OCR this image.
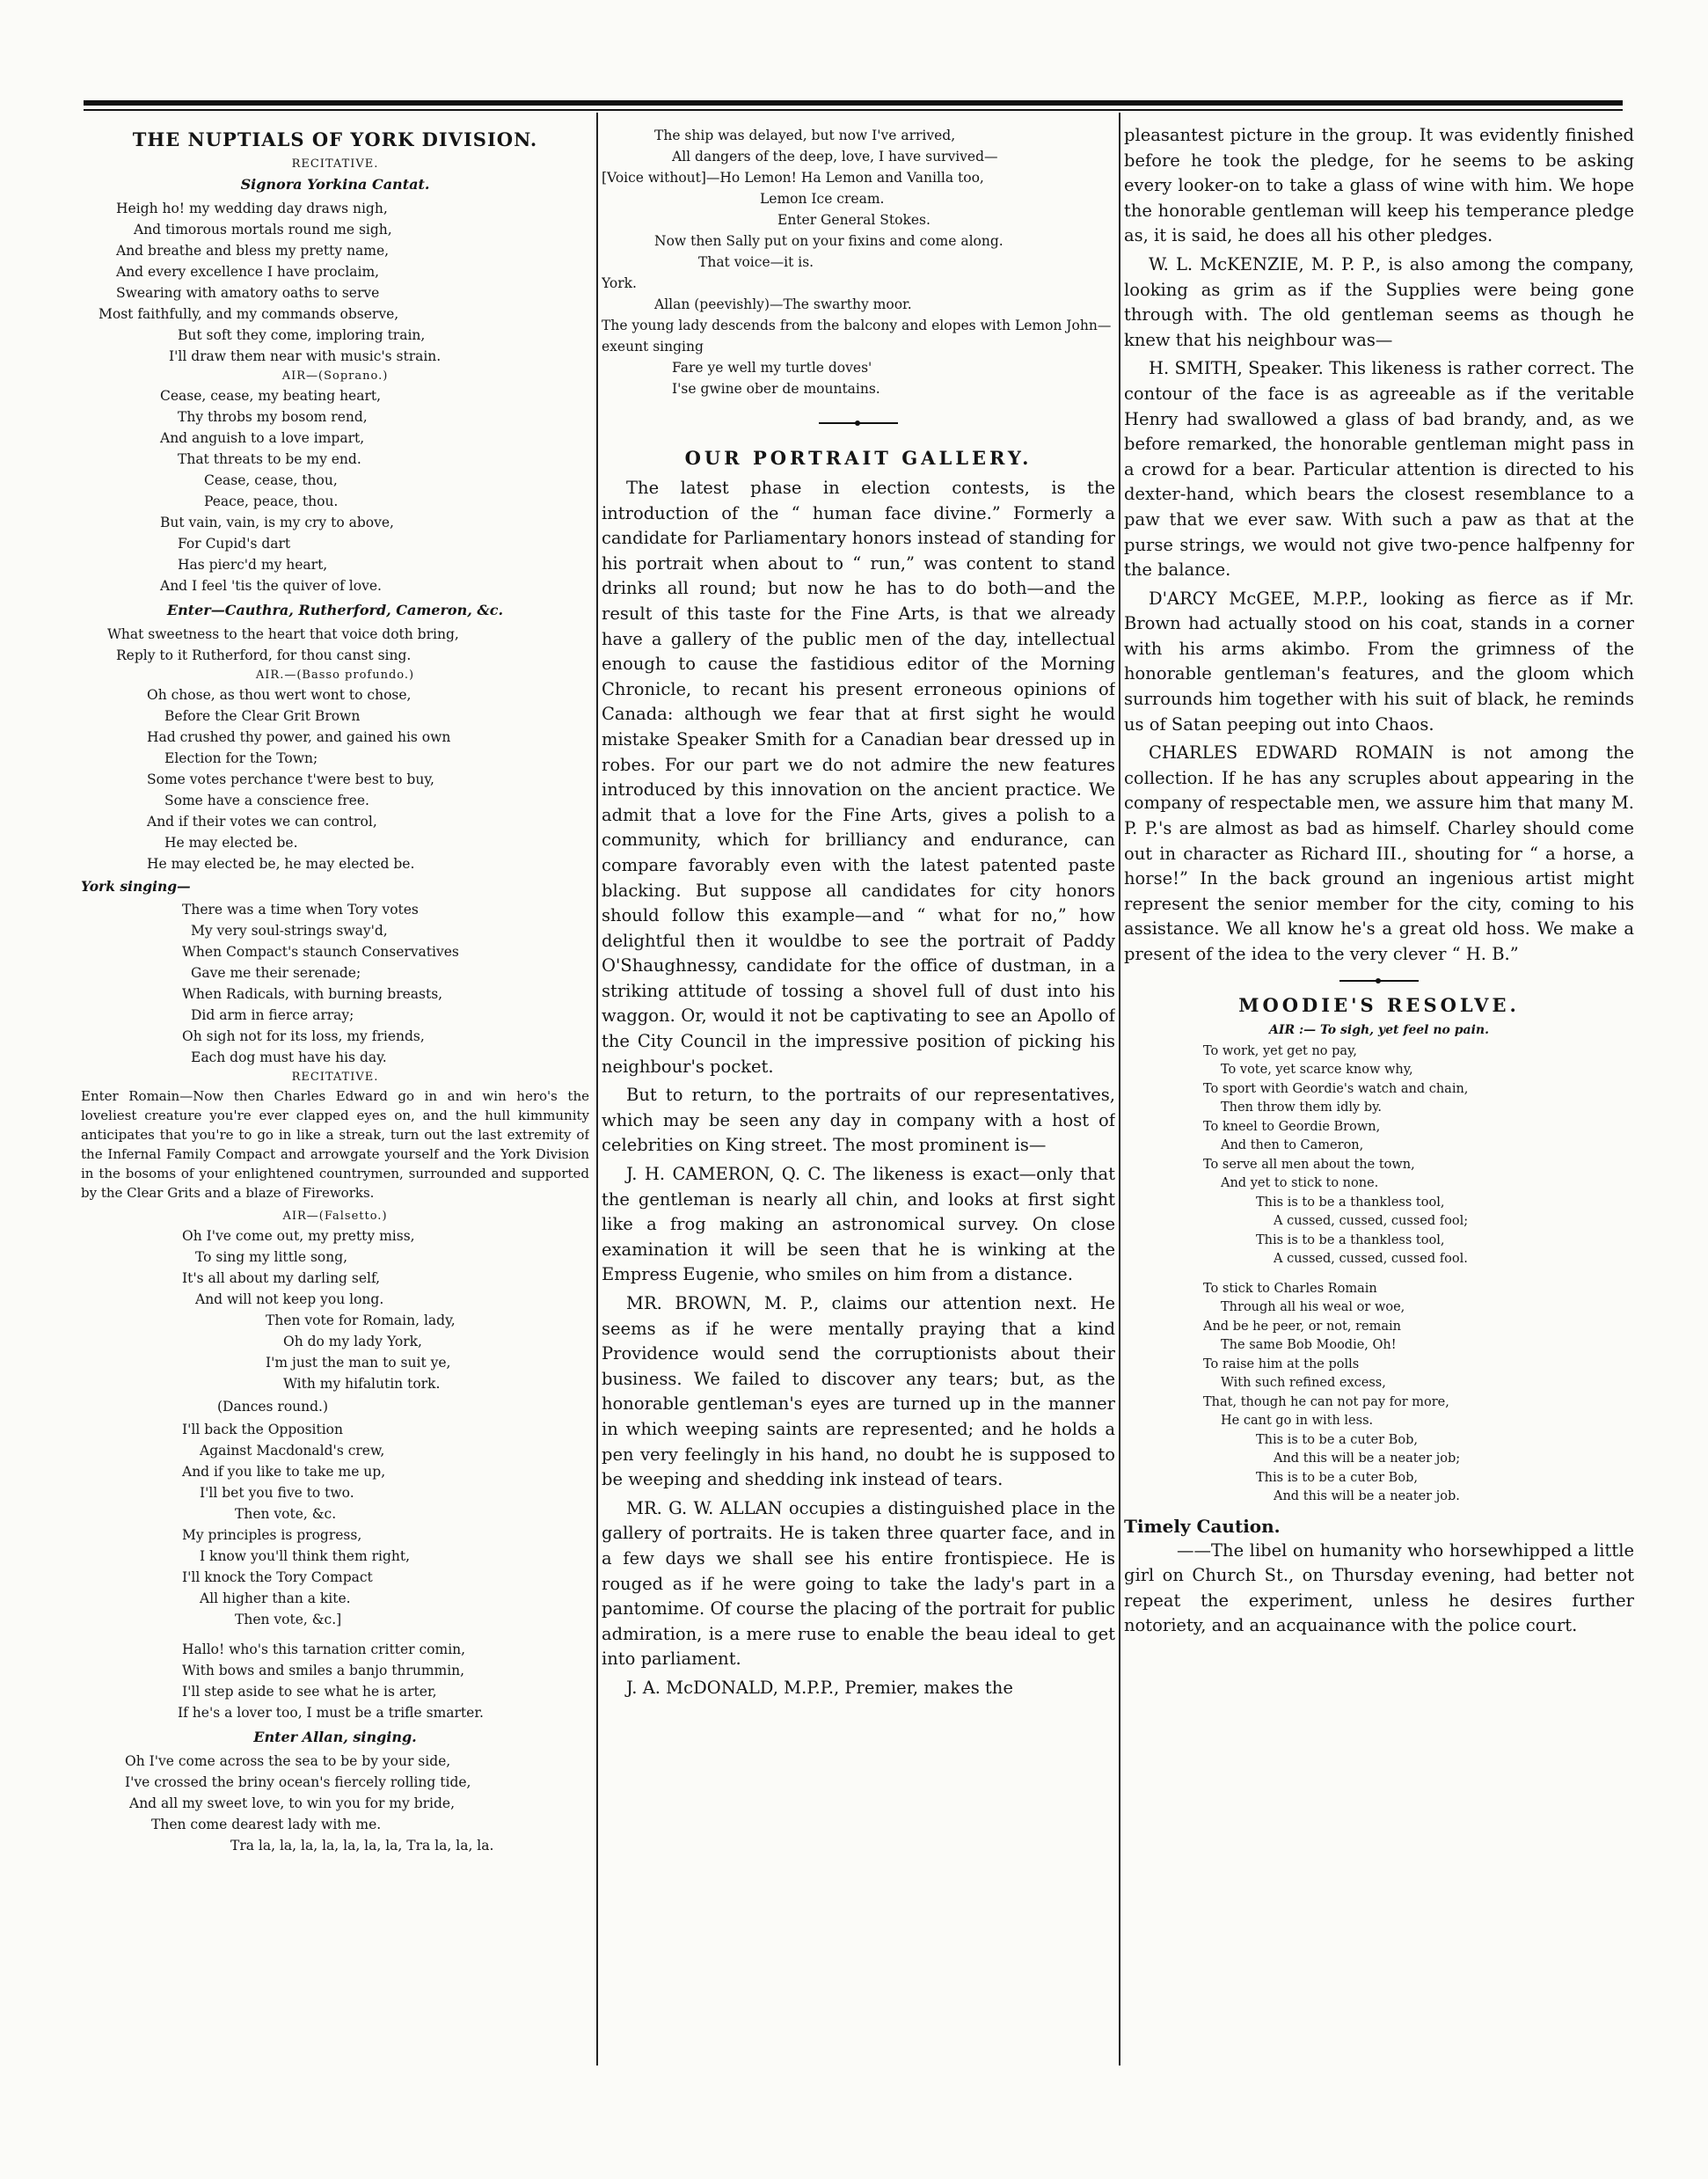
THE NUPTIALS OF YORK DIVISION.
RECITATIVE.
Signora Yorkina Cantat.
Heigh ho! my wedding day draws nigh,
And timorous mortals round me sigh,
And breathe and bless my pretty name,
And every excellence I have proclaim,
Swearing with amatory oaths to serve
Most faithfully, and my commands observe,
But soft they come, imploring train,
I'll draw them near with music's strain.
AIR—(Soprano.)
Cease, cease, my beating heart,
Thy throbs my bosom rend,
And anguish to a love impart,
That threats to be my end.
Cease, cease, thou,
Peace, peace, thou.
But vain, vain, is my cry to above,
For Cupid's dart
Has pierc'd my heart,
And I feel 'tis the quiver of love.
Enter—Cauthra, Rutherford, Cameron, &c.
What sweetness to the heart that voice doth bring,
Reply to it Rutherford, for thou canst sing.
AIR.—(Basso profundo.)
Oh chose, as thou wert wont to chose,
Before the Clear Grit Brown
Had crushed thy power, and gained his own
Election for the Town;
Some votes perchance t'were best to buy,
Some have a conscience free.
And if their votes we can control,
He may elected be.
He may elected be, he may elected be.
York singing—
There was a time when Tory votes
My very soul-strings sway'd,
When Compact's staunch Conservatives
Gave me their serenade;
When Radicals, with burning breasts,
Did arm in fierce array;
Oh sigh not for its loss, my friends,
Each dog must have his day.
RECITATIVE.

Enter Romain—Now then Charles Edward go in and win hero's the loveliest creature you're ever clapped eyes on, and the hull kimmunity anticipates that you're to go in like a streak, turn out the last extremity of the Infernal Family Compact and arrowgate yourself and the York Division in the bosoms of your enlightened countrymen, surrounded and supported by the Clear Grits and a blaze of Fireworks.

AIR—(Falsetto.)
Oh I've come out, my pretty miss,
To sing my little song,
It's all about my darling self,
And will not keep you long.
Then vote for Romain, lady,
Oh do my lady York,
I'm just the man to suit ye,
With my hifalutin tork.
(Dances round.)
I'll back the Opposition
Against Macdonald's crew,
And if you like to take me up,
I'll bet you five to two.
Then vote, &c.
My principles is progress,
I know you'll think them right,
I'll knock the Tory Compact
All higher than a kite.
Then vote, &c.]
Hallo! who's this tarnation critter comin,
With bows and smiles a banjo thrummin,
I'll step aside to see what he is arter,
If he's a lover too, I must be a trifle smarter.
Enter Allan, singing.
Oh I've come across the sea to be by your side,
I've crossed the briny ocean's fiercely rolling tide,
And all my sweet love, to win you for my bride,
Then come dearest lady with me.
Tra la, la, la, la, la, la, la, Tra la, la, la.
The ship was delayed, but now I've arrived,
All dangers of the deep, love, I have survived—
[Voice without]—Ho Lemon! Ha Lemon and Vanilla too,
Lemon Ice cream.
Enter General Stokes.
Now then Sally put on your fixins and come along.
That voice—it is.
York.
Allan (peevishly)—The swarthy moor.
The young lady descends from the balcony and elopes with Lemon John—exeunt singing
Fare ye well my turtle doves'
I'se gwine ober de mountains.
OUR PORTRAIT GALLERY.

The latest phase in election contests, is the introduction of the “ human face divine.” Formerly a candidate for Parliamentary honors instead of standing for his portrait when about to “ run,” was content to stand drinks all round; but now he has to do both—and the result of this taste for the Fine Arts, is that we already have a gallery of the public men of the day, intellectual enough to cause the fastidious editor of the Morning Chronicle, to recant his present erroneous opinions of Canada: although we fear that at first sight he would mistake Speaker Smith for a Canadian bear dressed up in robes. For our part we do not admire the new features introduced by this innovation on the ancient practice. We admit that a love for the Fine Arts, gives a polish to a community, which for brilliancy and endurance, can compare favorably even with the latest patented paste blacking. But suppose all candidates for city honors should follow this example—and “ what for no,” how delightful then it wouldbe to see the portrait of Paddy O'Shaughnessy, candidate for the office of dustman, in a striking attitude of tossing a shovel full of dust into his waggon. Or, would it not be captivating to see an Apollo of the City Council in the impressive position of picking his neighbour's pocket.

But to return, to the portraits of our representatives, which may be seen any day in company with a host of celebrities on King street. The most prominent is—

J. H. CAMERON, Q. C. The likeness is exact—only that the gentleman is nearly all chin, and looks at first sight like a frog making an astronomical survey. On close examination it will be seen that he is winking at the Empress Eugenie, who smiles on him from a distance.

MR. BROWN, M. P., claims our attention next. He seems as if he were mentally praying that a kind Providence would send the corruptionists about their business. We failed to discover any tears; but, as the honorable gentleman's eyes are turned up in the manner in which weeping saints are represented; and he holds a pen very feelingly in his hand, no doubt he is supposed to be weeping and shedding ink instead of tears.

MR. G. W. ALLAN occupies a distinguished place in the gallery of portraits. He is taken three quarter face, and in a few days we shall see his entire frontispiece. He is rouged as if he were going to take the lady's part in a pantomime. Of course the placing of the portrait for public admiration, is a mere ruse to enable the beau ideal to get into parliament.

J. A. McDONALD, M.P.P., Premier, makes the

pleasantest picture in the group. It was evidently finished before he took the pledge, for he seems to be asking every looker-on to take a glass of wine with him. We hope the honorable gentleman will keep his temperance pledge as, it is said, he does all his other pledges.

W. L. McKENZIE, M. P. P., is also among the company, looking as grim as if the Supplies were being gone through with. The old gentleman seems as though he knew that his neighbour was—

H. SMITH, Speaker. This likeness is rather correct. The contour of the face is as agreeable as if the veritable Henry had swallowed a glass of bad brandy, and, as we before remarked, the honorable gentleman might pass in a crowd for a bear. Particular attention is directed to his dexter-hand, which bears the closest resemblance to a paw that we ever saw. With such a paw as that at the purse strings, we would not give two-pence halfpenny for the balance.

D'ARCY McGEE, M.P.P., looking as fierce as if Mr. Brown had actually stood on his coat, stands in a corner with his arms akimbo. From the grimness of the honorable gentleman's features, and the gloom which surrounds him together with his suit of black, he reminds us of Satan peeping out into Chaos.

CHARLES EDWARD ROMAIN is not among the collection. If he has any scruples about appearing in the company of respectable men, we assure him that many M. P. P.'s are almost as bad as himself. Charley should come out in character as Richard III., shouting for “ a horse, a horse!” In the back ground an ingenious artist might represent the senior member for the city, coming to his assistance. We all know he's a great old hoss. We make a present of the idea to the very clever “ H. B.”

MOODIE'S RESOLVE.
AIR :— To sigh, yet feel no pain.
To work, yet get no pay,
To vote, yet scarce know why,
To sport with Geordie's watch and chain,
Then throw them idly by.
To kneel to Geordie Brown,
And then to Cameron,
To serve all men about the town,
And yet to stick to none.
This is to be a thankless tool,
A cussed, cussed, cussed fool;
This is to be a thankless tool,
A cussed, cussed, cussed fool.
To stick to Charles Romain
Through all his weal or woe,
And be he peer, or not, remain
The same Bob Moodie, Oh!
To raise him at the polls
With such refined excess,
That, though he can not pay for more,
He cant go in with less.
This is to be a cuter Bob,
And this will be a neater job;
This is to be a cuter Bob,
And this will be a neater job.
Timely Caution.

——The libel on humanity who horsewhipped a little girl on Church St., on Thursday evening, had better not repeat the experiment, unless he desires further notoriety, and an acquainance with the police court.
